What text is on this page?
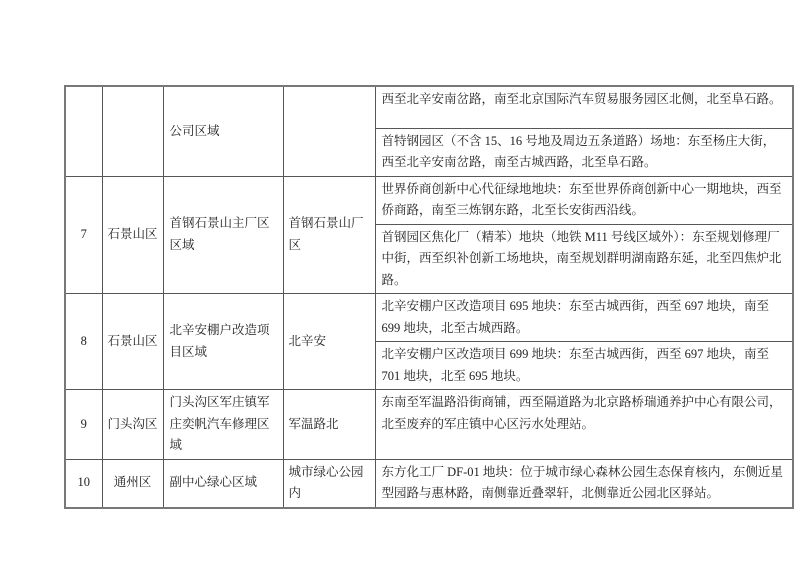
		公司区域		西至北辛安南岔路，南至北京国际汽车贸易服务园区北侧，北至阜石路。
				首特钢园区（不含 15、16 号地及周边五条道路）场地：东至杨庄大街，西至北辛安南岔路，南至古城西路，北至阜石路。
7	石景山区	首钢石景山主厂区区域	首钢石景山厂区	世界侨商创新中心代征绿地地块：东至世界侨商创新中心一期地块，西至侨商路，南至三炼钢东路，北至长安街西沿线。
				首钢园区焦化厂（精苯）地块（地铁 M11 号线区域外）：东至规划修理厂中街，西至织补创新工场地块，南至规划群明湖南路东延，北至四焦炉北路。
8	石景山区	北辛安棚户改造项目区域	北辛安	北辛安棚户区改造项目 695 地块：东至古城西街，西至 697 地块，南至 699 地块，北至古城西路。
				北辛安棚户区改造项目 699 地块：东至古城西街，西至 697 地块，南至 701 地块，北至 695 地块。
9	门头沟区	门头沟区军庄镇军庄奕帆汽车修理区域	军温路北	东南至军温路沿街商铺，西至隔道路为北京路桥瑞通养护中心有限公司，北至废弃的军庄镇中心区污水处理站。
10	通州区	副中心绿心区域	城市绿心公园内	东方化工厂 DF-01 地块：位于城市绿心森林公园生态保育核内，东侧近星型园路与惠林路，南侧靠近叠翠轩，北侧靠近公园北区驿站。
